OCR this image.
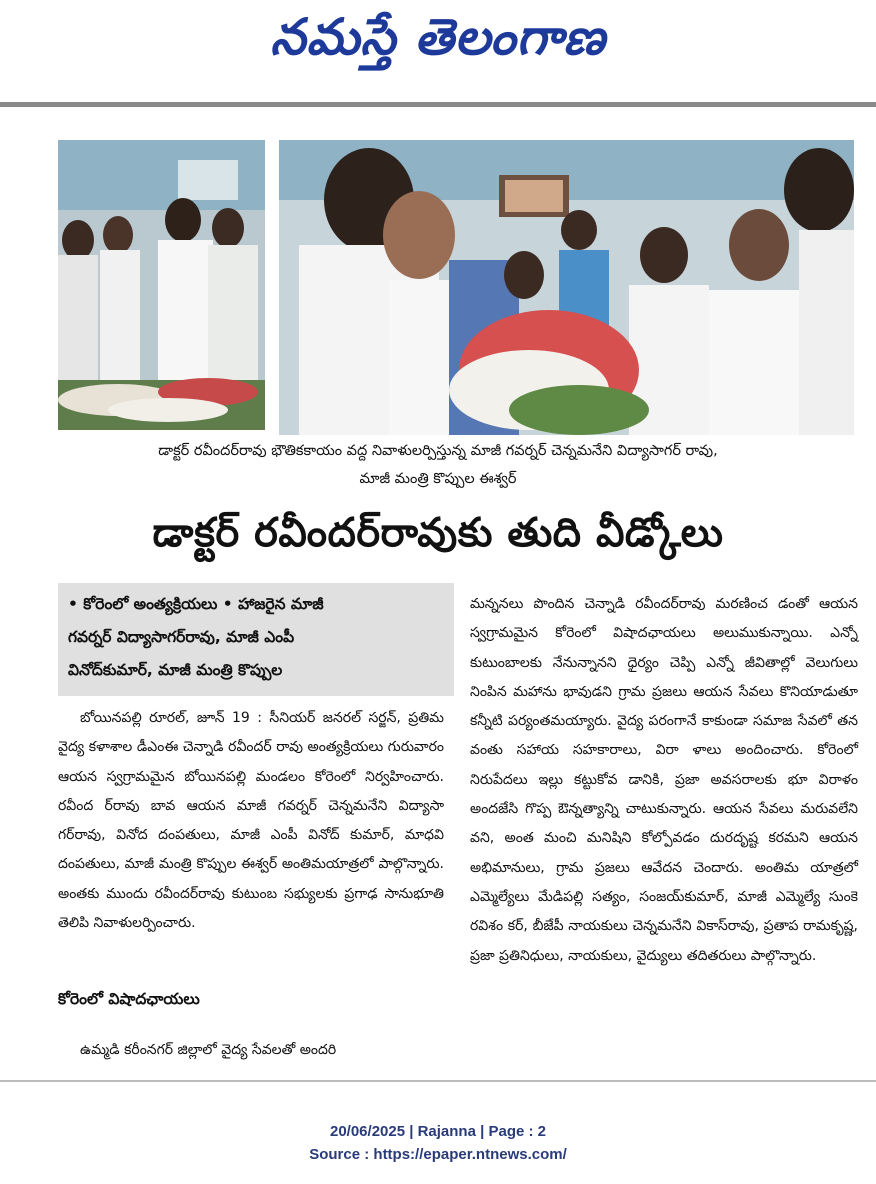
నమస్తే తెలంగాణ
డాక్టర్ రవీందర్‌రావు భౌతికకాయం వద్ద నివాళులర్పిస్తున్న మాజీ గవర్నర్ చెన్నమనేని విద్యాసాగర్ రావు,
మాజీ మంత్రి కొప్పుల ఈశ్వర్
డాక్టర్ రవీందర్‌రావుకు తుది వీడ్కోలు

• కోరెంలో అంత్యక్రియలు • హాజరైన మాజీ

గవర్నర్ విద్యాసాగర్‌రావు, మాజీ ఎంపీ

వినోద్‌కుమార్, మాజీ మంత్రి కొప్పుల

బోయినపల్లి రూరల్, జూన్ 19 : సీనియర్ జనరల్ సర్జన్, ప్రతిమ వైద్య కళాశాల డీఎంఈ చెన్నాడి రవీందర్ రావు అంత్యక్రియలు గురువారం ఆయన స్వగ్రామమైన బోయినపల్లి మండలం కోరెంలో నిర్వహించారు. రవీంద ర్‌రావు బావ ఆయన మాజీ గవర్నర్ చెన్నమనేని విద్యాసా గర్‌రావు, వినోద దంపతులు, మాజీ ఎంపీ వినోద్ కుమార్, మాధవి దంపతులు, మాజీ మంత్రి కొప్పుల ఈశ్వర్ అంతిమయాత్రలో పాల్గొన్నారు. అంతకు ముందు రవీందర్‌రావు కుటుంబ సభ్యులకు ప్రగాఢ సానుభూతి తెలిపి నివాళులర్పించారు.

కోరెంలో విషాదఛాయలు

ఉమ్మడి కరీంనగర్ జిల్లాలో వైద్య సేవలతో అందరి

మన్ననలు పొందిన చెన్నాడి రవీందర్‌రావు మరణించ డంతో ఆయన స్వగ్రామమైన కోరెంలో విషాదఛాయలు అలుముకున్నాయి. ఎన్నో కుటుంబాలకు నేనున్నానని ధైర్యం చెప్పి ఎన్నో జీవితాల్లో వెలుగులు నింపిన మహాను భావుడని గ్రామ ప్రజలు ఆయన సేవలు కొనియాడుతూ కన్నీటి పర్యంతమయ్యారు. వైద్య పరంగానే కాకుండా సమాజ సేవలో తన వంతు సహాయ సహకారాలు, విరా ళాలు అందించారు. కోరెంలో నిరుపేదలు ఇల్లు కట్టుకోవ డానికి, ప్రజా అవసరాలకు భూ విరాళం అందజేసి గొప్ప ఔన్నత్యాన్ని చాటుకున్నారు. ఆయన సేవలు మరువలేని వని, అంత మంచి మనిషిని కోల్పోవడం దురదృష్ట కరమని ఆయన అభిమానులు, గ్రామ ప్రజలు ఆవేదన చెందారు. అంతిమ యాత్రలో ఎమ్మెల్యేలు మేడిపల్లి సత్యం, సంజయ్‌కుమార్, మాజీ ఎమ్మెల్యే సుంకె రవిశం కర్, బీజేపీ నాయకులు చెన్నమనేని వికాస్‌రావు, ప్రతాప రామకృష్ణ, ప్రజా ప్రతినిధులు, నాయకులు, వైద్యులు తదితరులు పాల్గొన్నారు.

20/06/2025 | Rajanna | Page : 2
Source : https://epaper.ntnews.com/
